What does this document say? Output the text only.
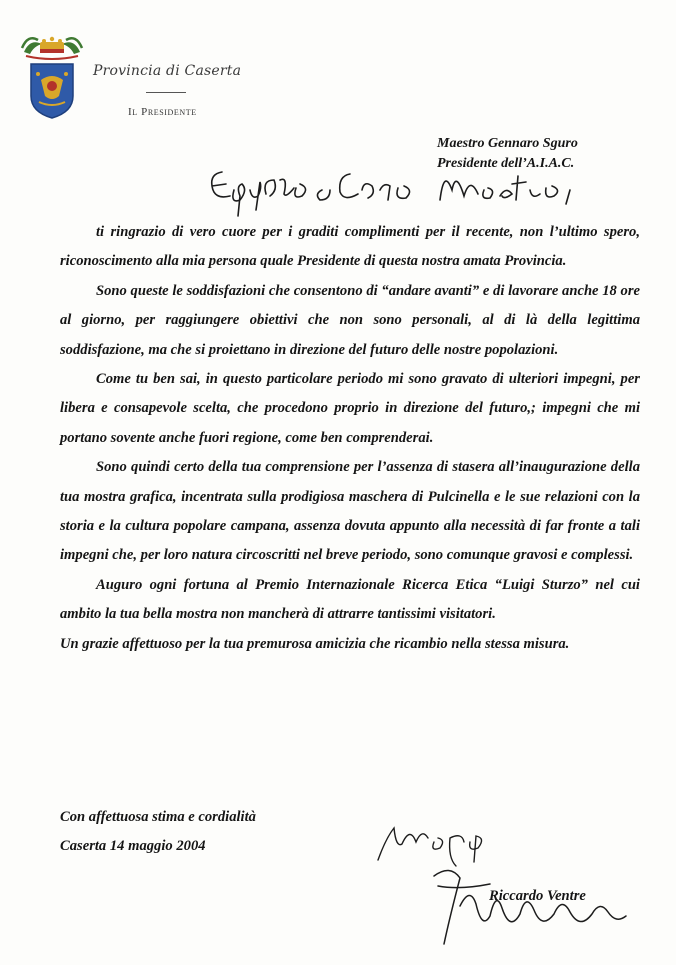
Provincia di Caserta
Il Presidente
Maestro Gennaro Sguro
Presidente dell’A.I.A.C.

ti ringrazio di vero cuore per i graditi complimenti per il recente, non l’ultimo spero, riconoscimento alla mia persona quale Presidente di questa nostra amata Provincia.

Sono queste le soddisfazioni che consentono di “andare avanti” e di lavorare anche 18 ore al giorno, per raggiungere obiettivi che non sono personali, al di là della legittima soddisfazione, ma che si proiettano in direzione del futuro delle nostre popolazioni.

Come tu ben sai, in questo particolare periodo mi sono gravato di ulteriori impegni, per libera e consapevole scelta, che procedono proprio in direzione del futuro,; impegni che mi portano sovente anche fuori regione, come ben comprenderai.

Sono quindi certo della tua comprensione per l’assenza di stasera all’inaugurazione della tua mostra grafica, incentrata sulla prodigiosa maschera di Pulcinella e le sue relazioni con la storia e la cultura popolare campana, assenza dovuta appunto alla necessità di far fronte a tali impegni che, per loro natura circoscritti nel breve periodo, sono comunque gravosi e complessi.

Auguro ogni fortuna al Premio Internazionale Ricerca Etica “Luigi Sturzo” nel cui ambito la tua bella mostra non mancherà di attrarre tantissimi visitatori.

Un grazie affettuoso per la tua premurosa amicizia che ricambio nella stessa misura.

Con affettuosa stima e cordialità
Caserta 14 maggio 2004
Riccardo Ventre
